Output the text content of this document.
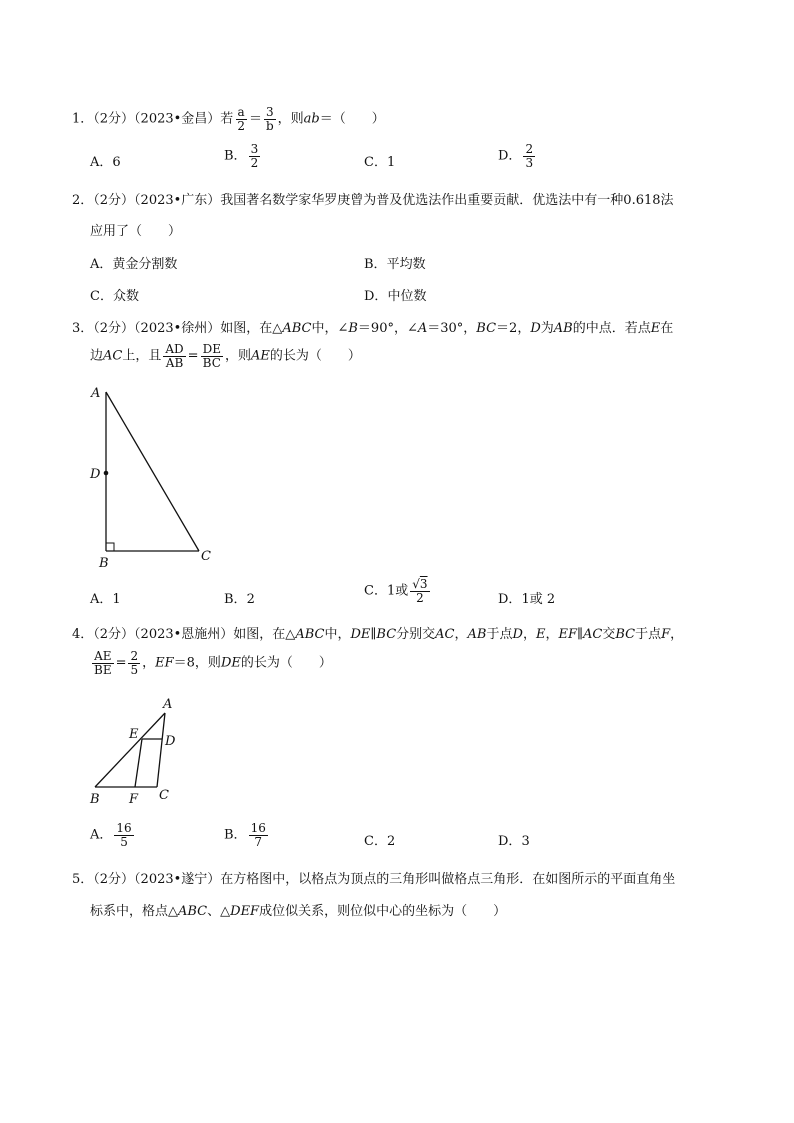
1．（2分）（2023•金昌）若 $\frac{a}{2} = \frac{3}{b}$ ，则ab＝（　　）
A．6	B． $\frac{3}{2}$	C．1	D． $\frac{2}{3}$
2．（2分）（2023•广东）我国著名数学家华罗庚曾为普及优选法作出重要贡献．优选法中有一种0.618法
应用了（　　）
A．黄金分割数	B．平均数
C．众数	D．中位数
3．（2分）（2023•徐州）如图，在△ABC中，∠B＝90°，∠A＝30°，BC＝2，D为AB的中点．若点E在
边AC上，且 $\frac{AD}{AB} = \frac{DE}{BC}$ ，则AE的长为（　　）
A
D
B	C
A．1	B．2
C．1或 $\frac{√3}{2}$	D．1或 2
4．（2分）（2023•恩施州）如图，在△ABC中，DE∥BC分别交AC，AB于点D，E，EF∥AC交BC于点F，
$\frac{AE}{BE} = \frac{2}{5}$ ，EF＝8，则DE的长为（　　）
A
E D
B F C
A． $\frac{16}{5}$	B． $\frac{16}{7}$	C．2	D．3
5．（2分）（2023•遂宁）在方格图中，以格点为顶点的三角形叫做格点三角形．在如图所示的平面直角坐
标系中，格点△ABC、△DEF成位似关系，则位似中心的坐标为（　　）
